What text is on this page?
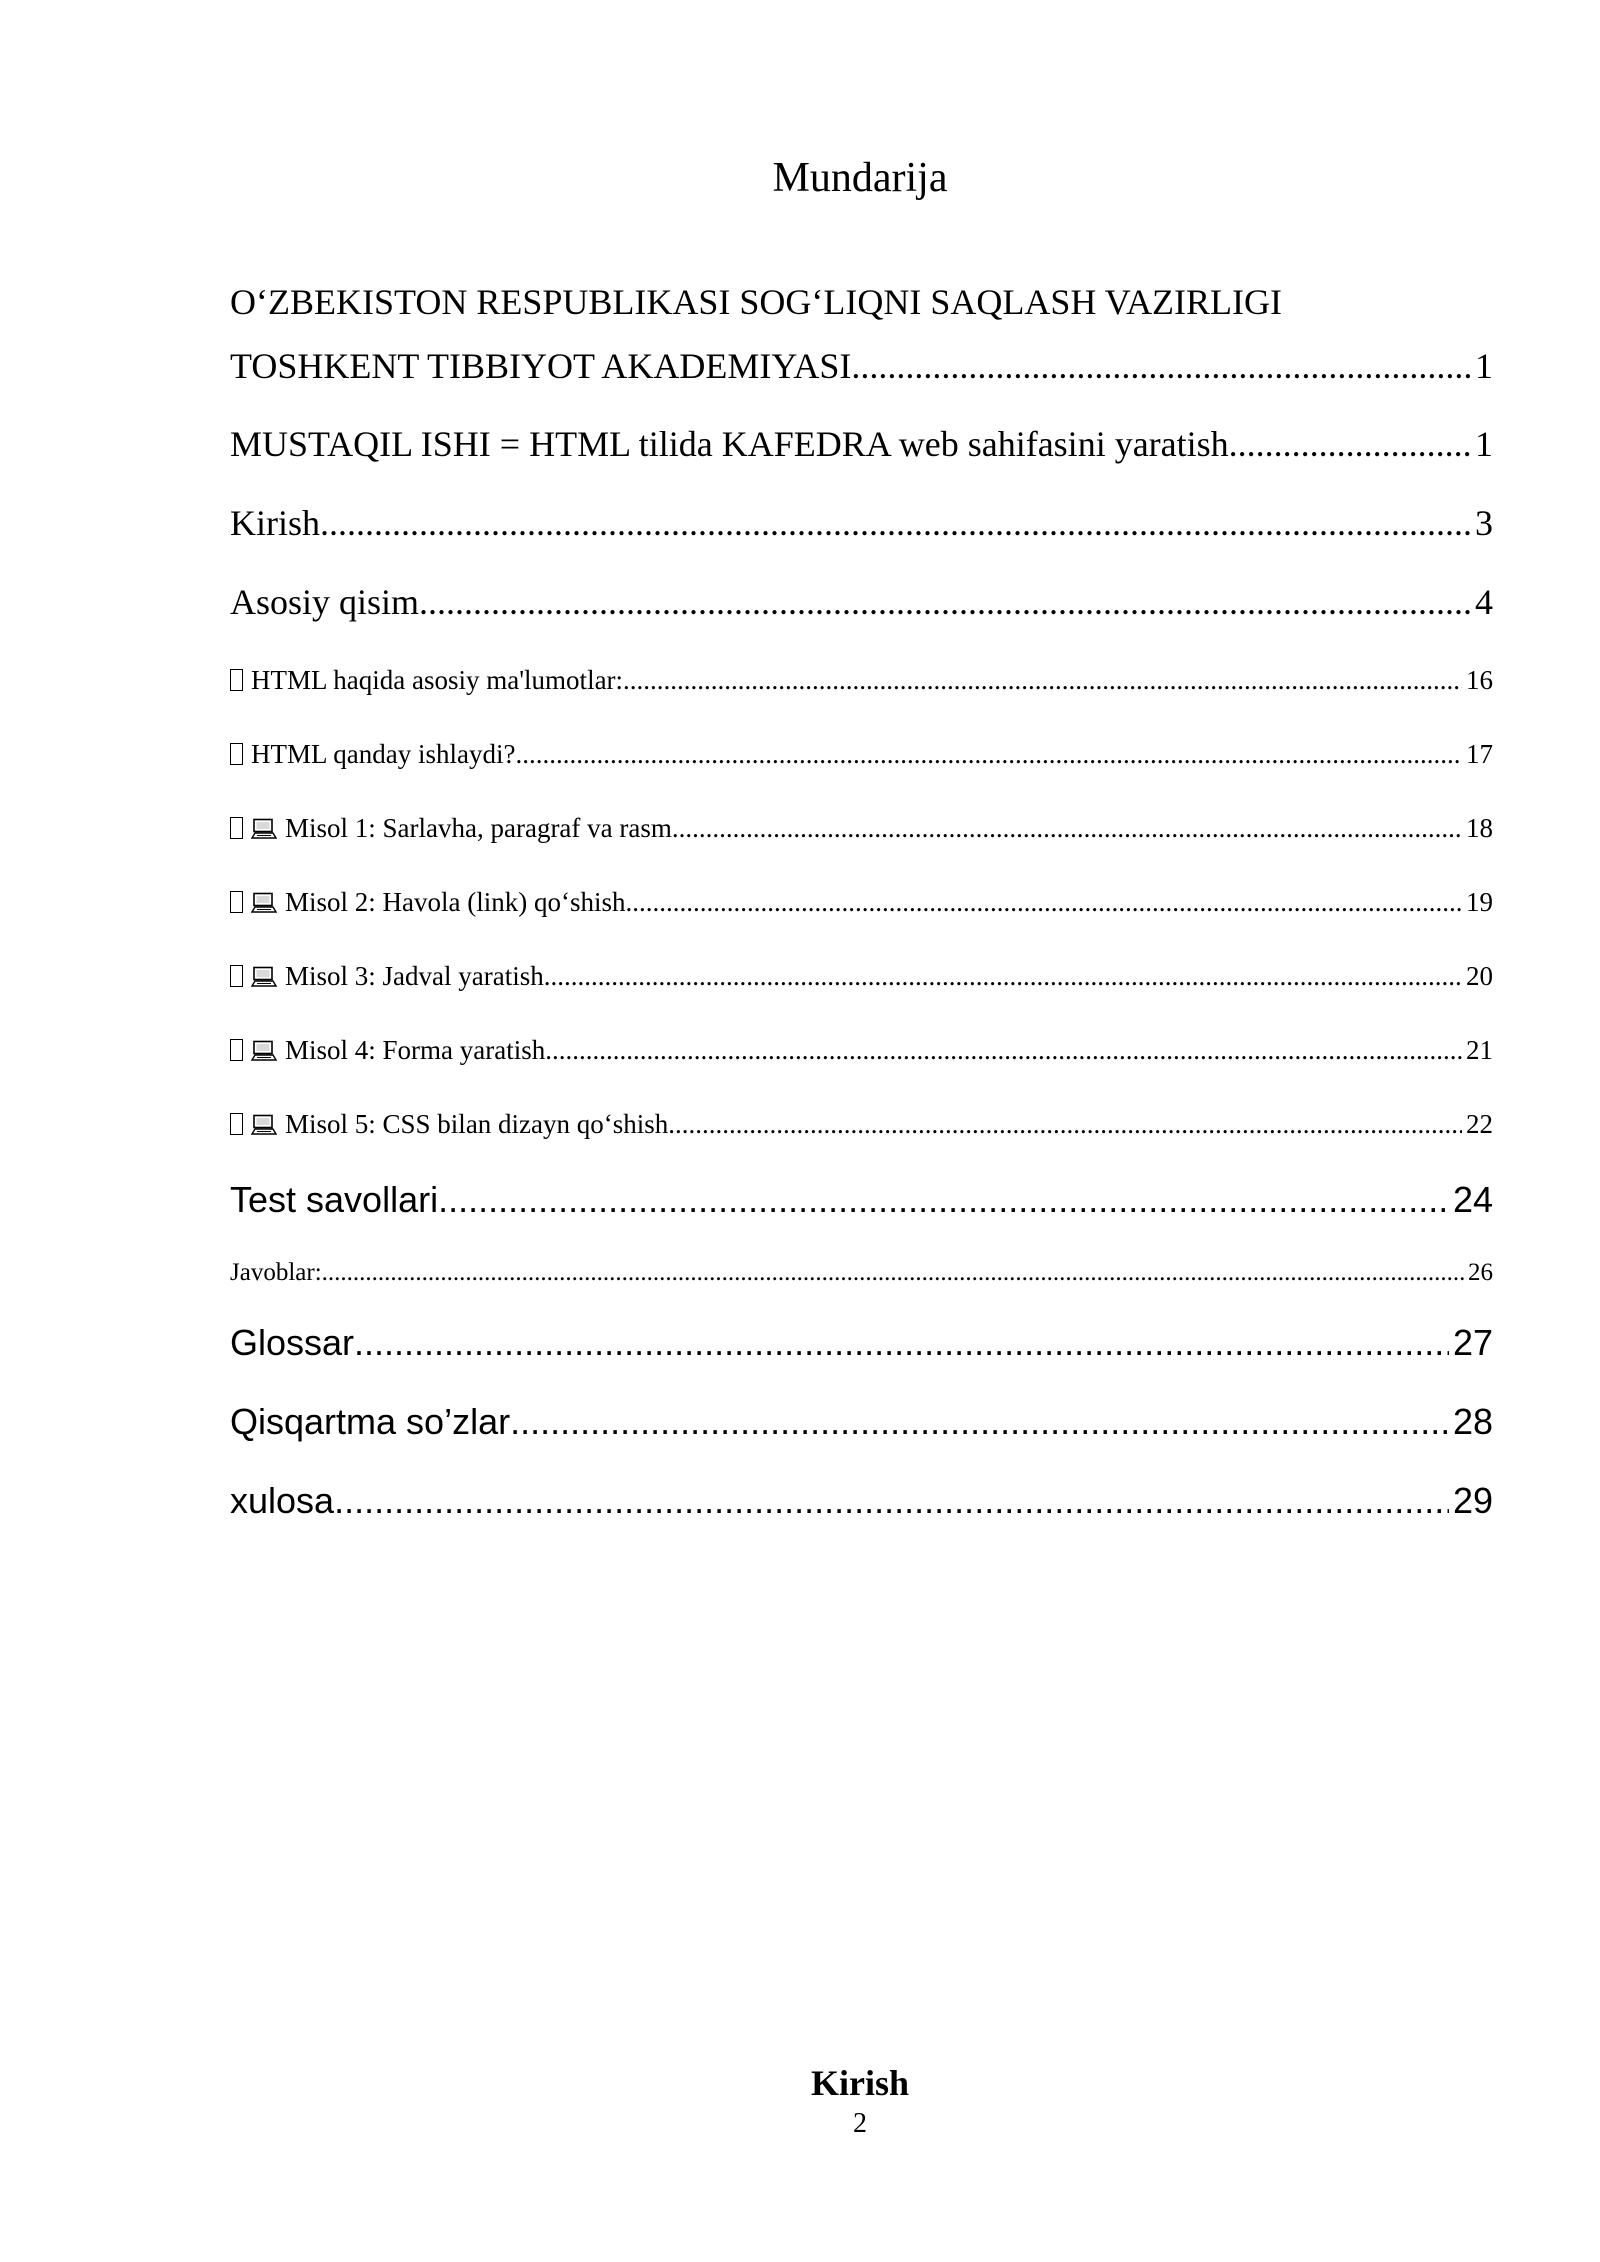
Mundarija
O‘ZBEKISTON RESPUBLIKASI SOG‘LIQNI SAQLASH VAZIRLIGI
TOSHKENT TIBBIYOT AKADEMIYASI .....	1
MUSTAQIL ISHI = HTML tilida KAFEDRA web sahifasini yaratish .....	1
Kirish .....	3
Asosiy qisim .....	4
HTML haqida asosiy ma'lumotlar: .....	16
HTML qanday ishlaydi? .....	17
Misol 1: Sarlavha, paragraf va rasm .....	18
Misol 2: Havola (link) qo‘shish .....	19
Misol 3: Jadval yaratish .....	20
Misol 4: Forma yaratish .....	21
Misol 5: CSS bilan dizayn qo‘shish .....	22
Test savollari .....	24
Javoblar: .....	26
Glossar .....	27
Qisqartma so’zlar .....	28
xulosa .....	29
Kirish
2
